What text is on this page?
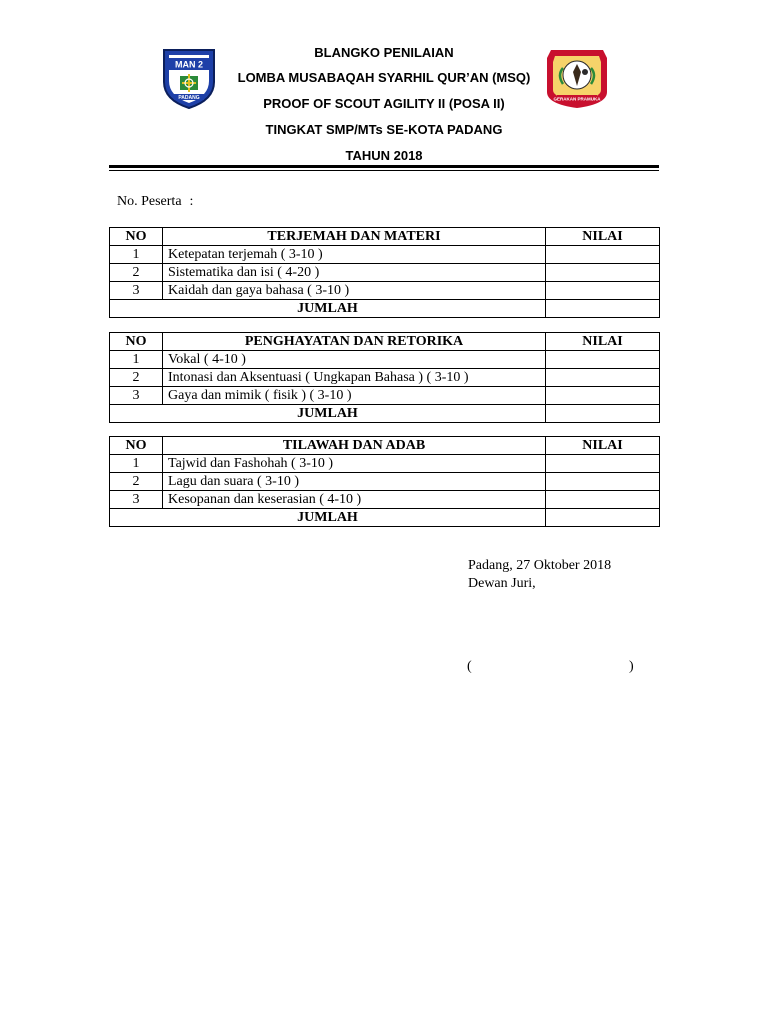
BLANGKO PENILAIAN
LOMBA MUSABAQAH SYARHIL QUR’AN (MSQ)
PROOF OF SCOUT AGILITY II (POSA II)
TINGKAT SMP/MTs SE-KOTA PADANG
TAHUN 2018
MAN 2
PADANG	GERAKAN PRAMUKA
No. Peserta :
NO	TERJEMAH DAN MATERI	NILAI
1	Ketepatan terjemah ( 3-10 )	
2	Sistematika dan isi ( 4-20 )	
3	Kaidah dan gaya bahasa ( 3-10 )	
JUMLAH		
NO	PENGHAYATAN DAN RETORIKA	NILAI
1	Vokal ( 4-10 )	
2	Intonasi dan Aksentuasi ( Ungkapan Bahasa ) ( 3-10 )	
3	Gaya dan mimik ( fisik ) ( 3-10 )	
JUMLAH		
NO	TILAWAH DAN ADAB	NILAI
1	Tajwid dan Fashohah ( 3-10 )	
2	Lagu dan suara ( 3-10 )	
3	Kesopanan dan keserasian ( 4-10 )	
JUMLAH		
Padang, 27 Oktober 2018
Dewan Juri,
(	)
